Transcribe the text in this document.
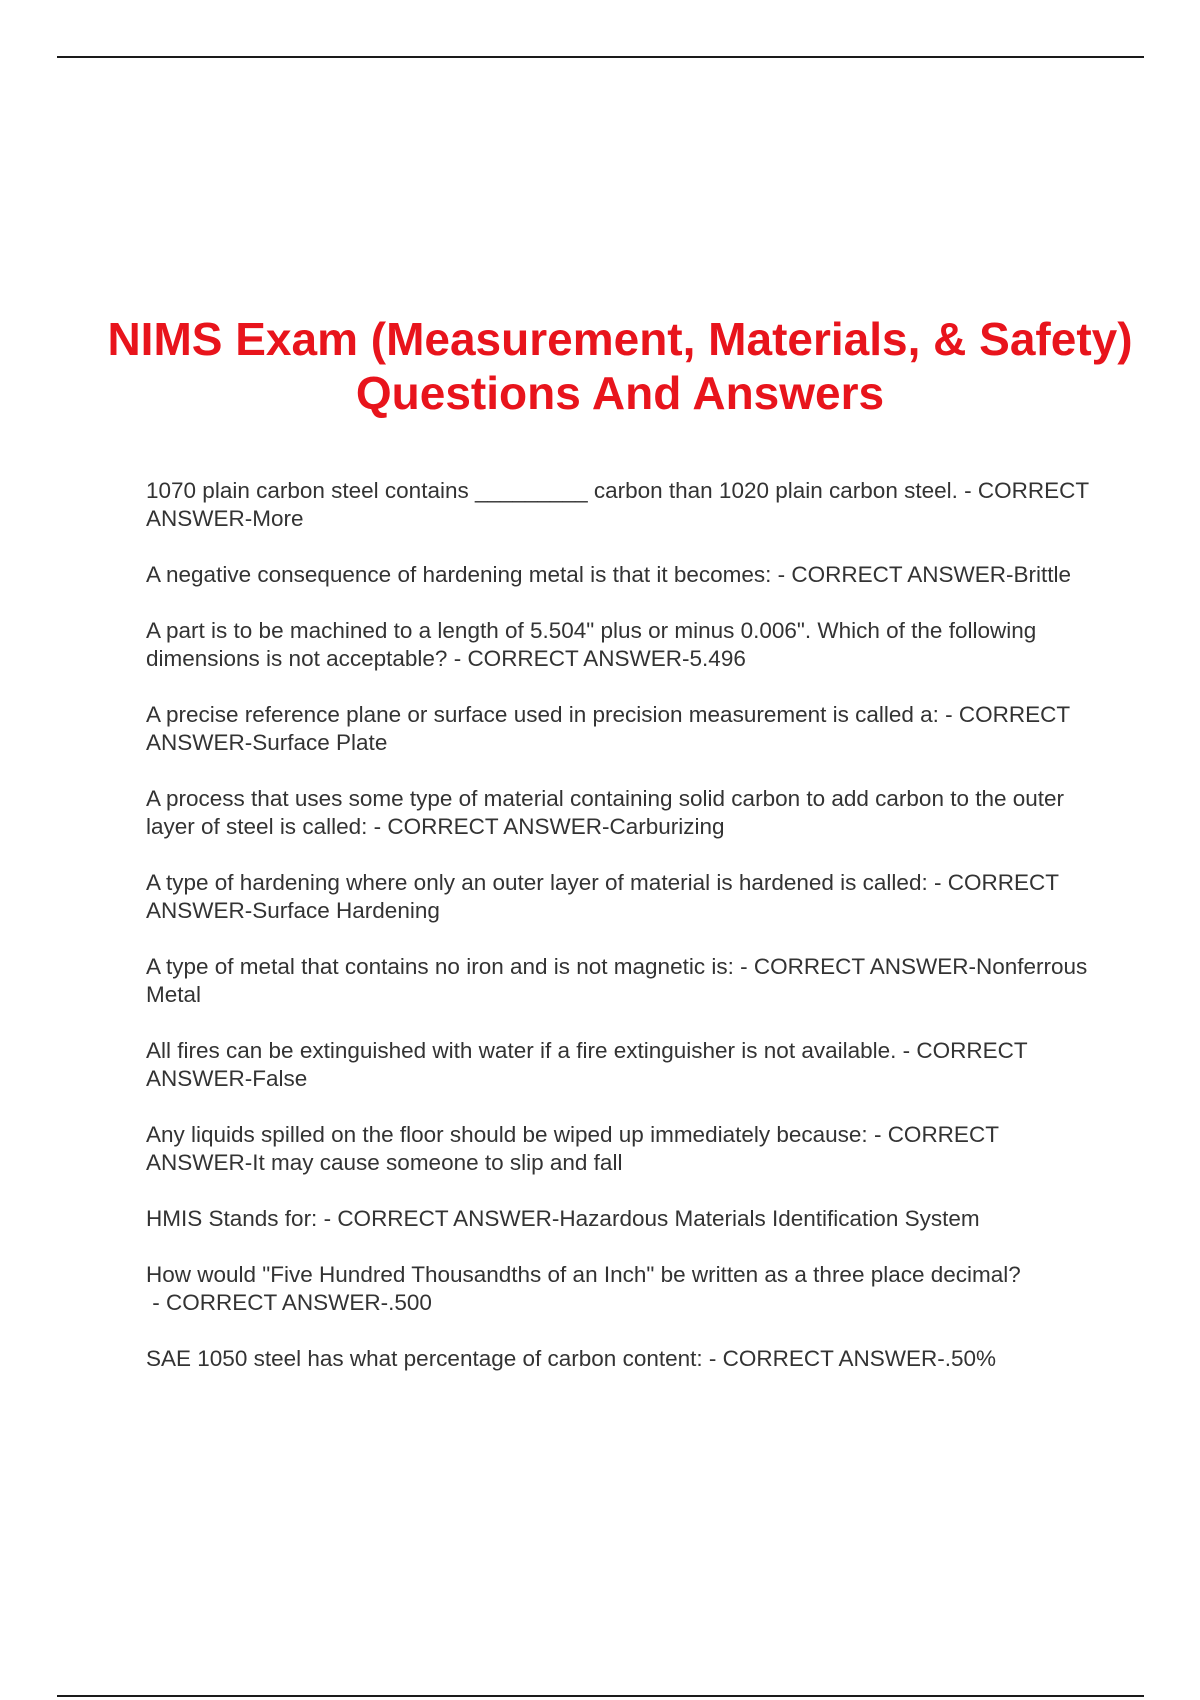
NIMS Exam (Measurement, Materials, & Safety) Questions And Answers
1070 plain carbon steel contains _________ carbon than 1020 plain carbon steel. - CORRECT ANSWER-More
A negative consequence of hardening metal is that it becomes: - CORRECT ANSWER-Brittle
A part is to be machined to a length of 5.504" plus or minus 0.006". Which of the following dimensions is not acceptable? - CORRECT ANSWER-5.496
A precise reference plane or surface used in precision measurement is called a: - CORRECT ANSWER-Surface Plate
A process that uses some type of material containing solid carbon to add carbon to the outer layer of steel is called: - CORRECT ANSWER-Carburizing
A type of hardening where only an outer layer of material is hardened is called: - CORRECT ANSWER-Surface Hardening
A type of metal that contains no iron and is not magnetic is: - CORRECT ANSWER-Nonferrous Metal
All fires can be extinguished with water if a fire extinguisher is not available. - CORRECT ANSWER-False
Any liquids spilled on the floor should be wiped up immediately because: - CORRECT ANSWER-It may cause someone to slip and fall
HMIS Stands for: - CORRECT ANSWER-Hazardous Materials Identification System
How would "Five Hundred Thousandths of an Inch" be written as a three place decimal? - CORRECT ANSWER-.500
SAE 1050 steel has what percentage of carbon content: - CORRECT ANSWER-.50%
